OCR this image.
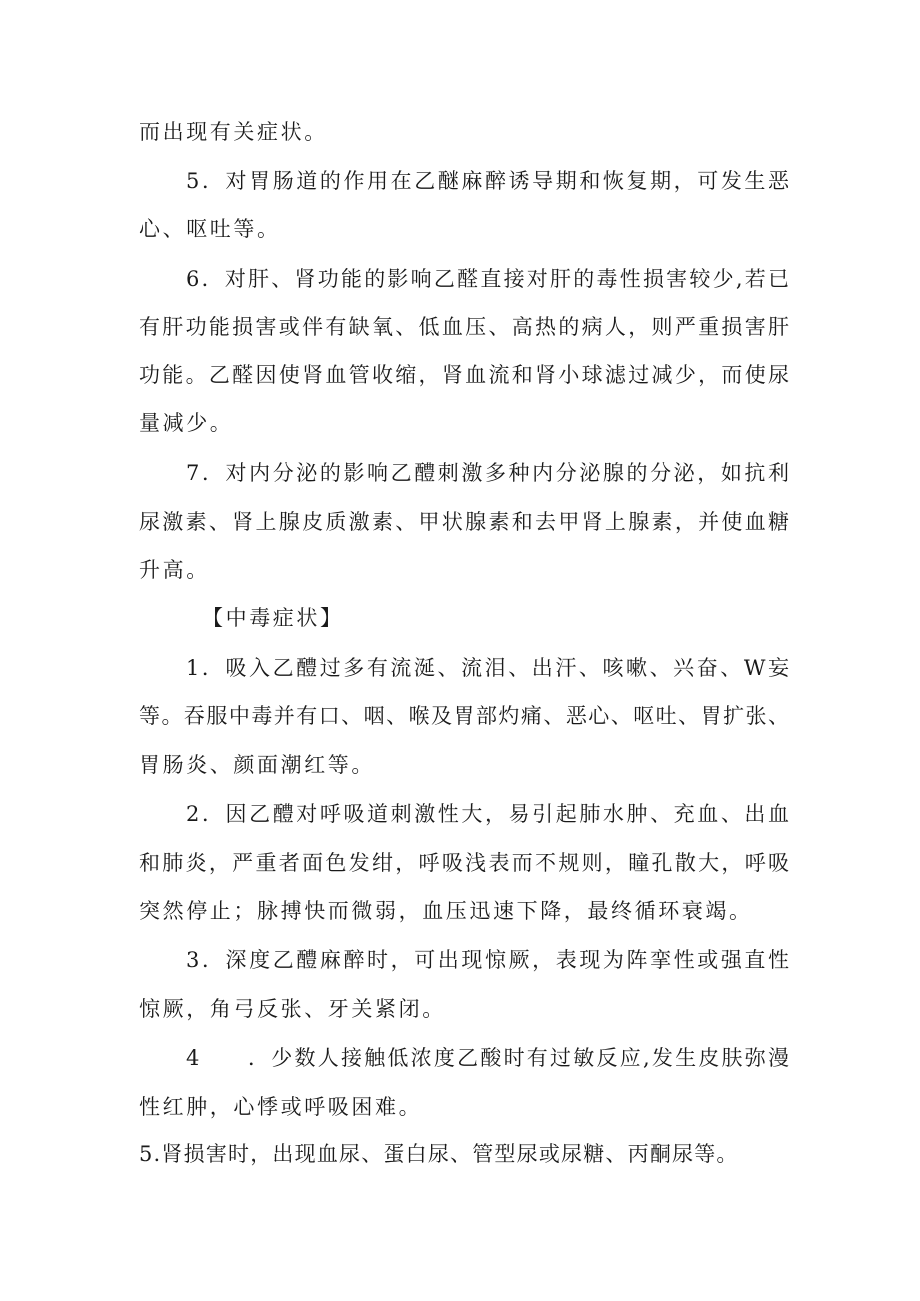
而出现有关症状。
5．对胃肠道的作用在乙醚麻醉诱导期和恢复期，可发生恶
心、呕吐等。
6．对肝、肾功能的影响乙醛直接对肝的毒性损害较少,若已
有肝功能损害或伴有缺氧、低血压、高热的病人，则严重损害肝
功能。乙醛因使肾血管收缩，肾血流和肾小球滤过减少，而使尿
量减少。
7．对内分泌的影响乙醴刺激多种内分泌腺的分泌，如抗利
尿激素、肾上腺皮质激素、甲状腺素和去甲肾上腺素，并使血糖
升高。
【中毒症状】
1．吸入乙醴过多有流涎、流泪、出汗、咳嗽、兴奋、W妄
等。吞服中毒并有口、咽、喉及胃部灼痛、恶心、呕吐、胃扩张、
胃肠炎、颜面潮红等。
2．因乙醴对呼吸道刺激性大，易引起肺水肿、充血、出血
和肺炎，严重者面色发绀，呼吸浅表而不规则，瞳孔散大，呼吸
突然停止；脉搏快而微弱，血压迅速下降，最终循环衰竭。
3．深度乙醴麻醉时，可出现惊厥，表现为阵挛性或强直性
惊厥，角弓反张、牙关紧闭。
4　　．少数人接触低浓度乙酸时有过敏反应,发生皮肤弥漫
性红肿，心悸或呼吸困难。
5.肾损害时，出现血尿、蛋白尿、管型尿或尿糖、丙酮尿等。
